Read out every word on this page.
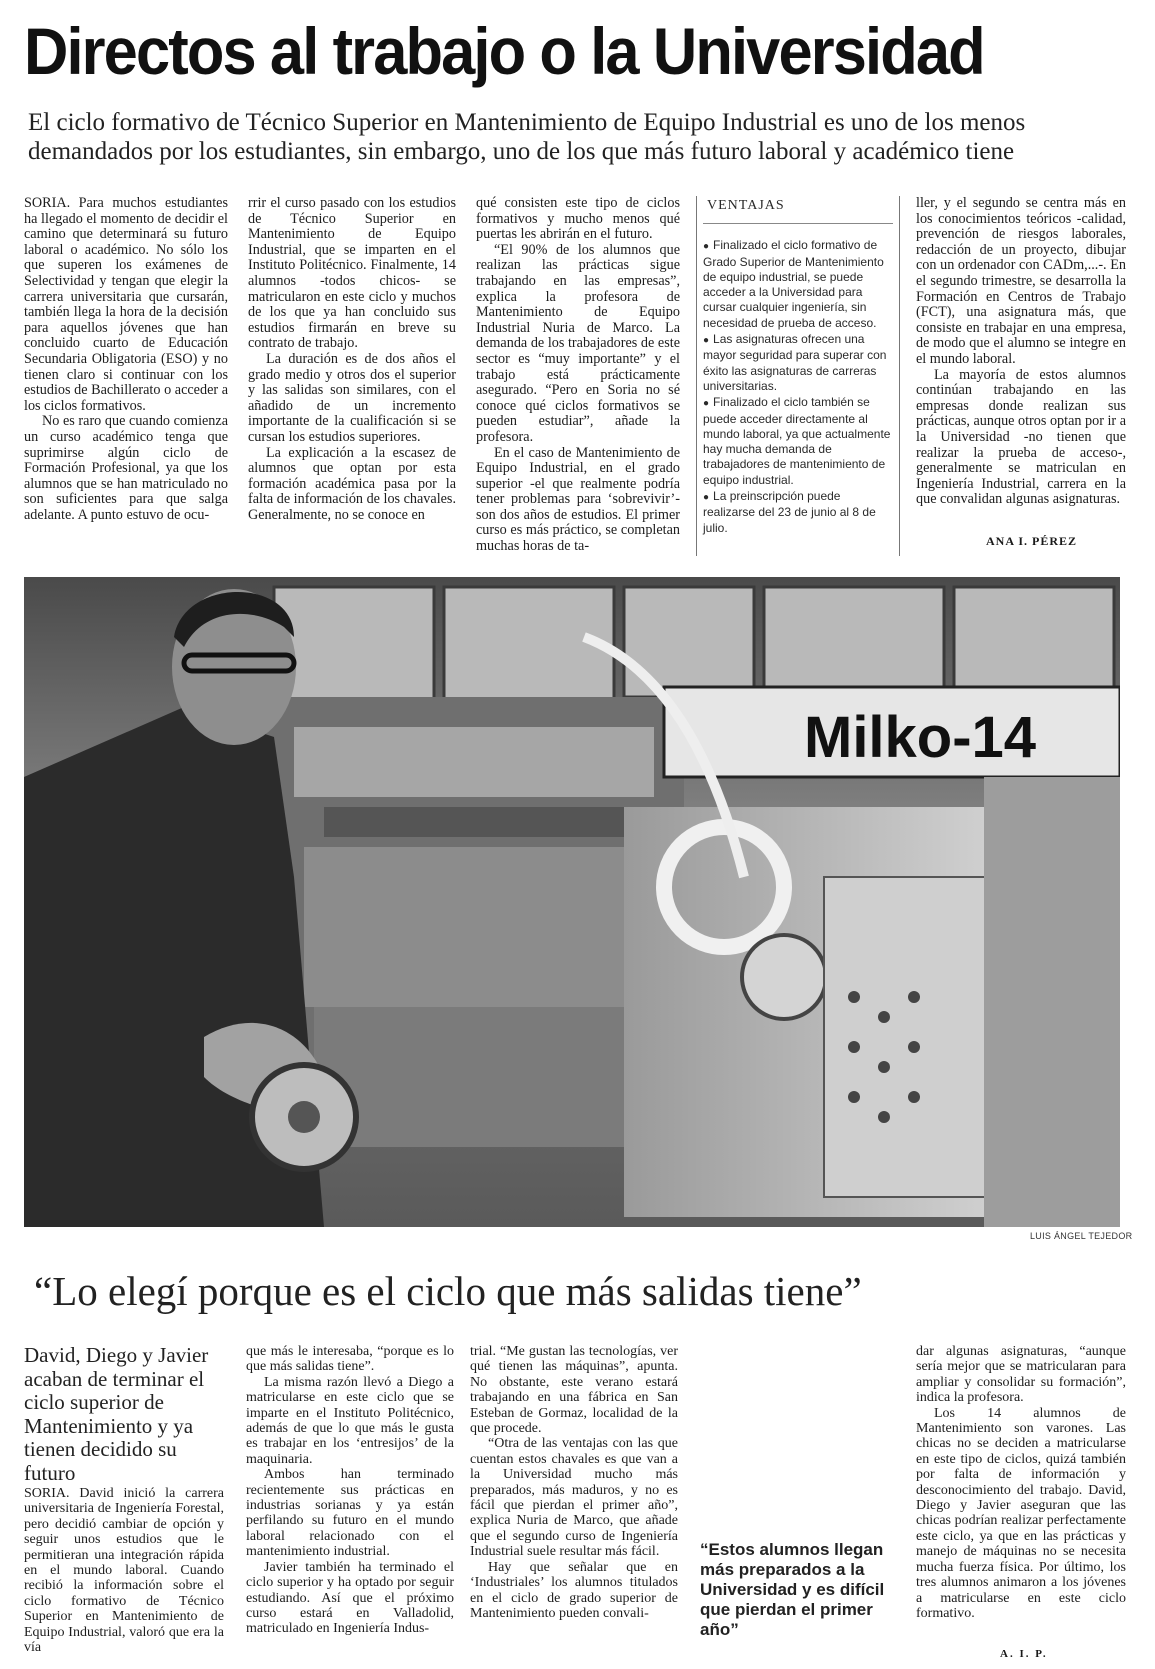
Directos al trabajo o la Universidad
El ciclo formativo de Técnico Superior en Mantenimiento de Equipo Industrial es uno de los menos demandados por los estudiantes, sin embargo, uno de los que más futuro laboral y académico tiene

SORIA. Para muchos estudiantes ha llegado el momento de decidir el camino que determinará su futuro laboral o académico. No sólo los que superen los exámenes de Selectividad y tengan que elegir la carrera universitaria que cursarán, también llega la hora de la decisión para aquellos jóvenes que han concluido cuarto de Educación Secundaria Obligatoria (ESO) y no tienen claro si continuar con los estudios de Bachillerato o acceder a los ciclos formativos.

No es raro que cuando comienza un curso académico tenga que suprimirse algún ciclo de Formación Profesional, ya que los alumnos que se han matriculado no son suficientes para que salga adelante. A punto estuvo de ocu-

rrir el curso pasado con los estudios de Técnico Superior en Mantenimiento de Equipo Industrial, que se imparten en el Instituto Politécnico. Finalmente, 14 alumnos -todos chicos- se matricularon en este ciclo y muchos de los que ya han concluido sus estudios firmarán en breve su contrato de trabajo.

La duración es de dos años el grado medio y otros dos el superior y las salidas son similares, con el añadido de un incremento importante de la cualificación si se cursan los estudios superiores.

La explicación a la escasez de alumnos que optan por esta formación académica pasa por la falta de información de los chavales. Generalmente, no se conoce en

qué consisten este tipo de ciclos formativos y mucho menos qué puertas les abrirán en el futuro.

“El 90% de los alumnos que realizan las prácticas sigue trabajando en las empresas”, explica la profesora de Mantenimiento de Equipo Industrial Nuria de Marco. La demanda de los trabajadores de este sector es “muy importante” y el trabajo está prácticamente asegurado. “Pero en Soria no sé conoce qué ciclos formativos se pueden estudiar”, añade la profesora.

En el caso de Mantenimiento de Equipo Industrial, en el grado superior -el que realmente podría tener problemas para ‘sobrevivir’- son dos años de estudios. El primer curso es más práctico, se completan muchas horas de ta-

VENTAJAS
● Finalizado el ciclo formativo de Grado Superior de Mantenimiento de equipo industrial, se puede acceder a la Universidad para cursar cualquier ingeniería, sin necesidad de prueba de acceso.
● Las asignaturas ofrecen una mayor seguridad para superar con éxito las asignaturas de carreras universitarias.
● Finalizado el ciclo también se puede acceder directamente al mundo laboral, ya que actualmente hay mucha demanda de trabajadores de mantenimiento de equipo industrial.
● La preinscripción puede realizarse del 23 de junio al 8 de julio.

ller, y el segundo se centra más en los conocimientos teóricos -calidad, prevención de riesgos laborales, redacción de un proyecto, dibujar con un ordenador con CADm,...-. En el segundo trimestre, se desarrolla la Formación en Centros de Trabajo (FCT), una asignatura más, que consiste en trabajar en una empresa, de modo que el alumno se integre en el mundo laboral.

La mayoría de estos alumnos continúan trabajando en las empresas donde realizan sus prácticas, aunque otros optan por ir a la Universidad -no tienen que realizar la prueba de acceso-, generalmente se matriculan en Ingeniería Industrial, carrera en la que convalidan algunas asignaturas.

ANA I. PÉREZ
Milko-14
LUIS ÁNGEL TEJEDOR
“Lo elegí porque es el ciclo que más salidas tiene”
David, Diego y Javier acaban de terminar el ciclo superior de Mantenimiento y ya tienen decidido su futuro

SORIA. David inició la carrera universitaria de Ingeniería Forestal, pero decidió cambiar de opción y seguir unos estudios que le permitieran una integración rápida en el mundo laboral. Cuando recibió la información sobre el ciclo formativo de Técnico Superior en Mantenimiento de Equipo Industrial, valoró que era la vía

que más le interesaba, “porque es lo que más salidas tiene”.

La misma razón llevó a Diego a matricularse en este ciclo que se imparte en el Instituto Politécnico, además de que lo que más le gusta es trabajar en los ‘entresijos’ de la maquinaria.

Ambos han terminado recientemente sus prácticas en industrias sorianas y ya están perfilando su futuro en el mundo laboral relacionado con el mantenimiento industrial.

Javier también ha terminado el ciclo superior y ha optado por seguir estudiando. Así que el próximo curso estará en Valladolid, matriculado en Ingeniería Indus-

trial. “Me gustan las tecnologías, ver qué tienen las máquinas”, apunta. No obstante, este verano estará trabajando en una fábrica en San Esteban de Gormaz, localidad de la que procede.

“Otra de las ventajas con las que cuentan estos chavales es que van a la Universidad mucho más preparados, más maduros, y no es fácil que pierdan el primer año”, explica Nuria de Marco, que añade que el segundo curso de Ingeniería Industrial suele resultar más fácil.

Hay que señalar que en ‘Industriales’ los alumnos titulados en el ciclo de grado superior de Mantenimiento pueden convali-

“Estos alumnos llegan más preparados a la Universidad y es difícil que pierdan el primer año”

dar algunas asignaturas, “aunque sería mejor que se matricularan para ampliar y consolidar su formación”, indica la profesora.

Los 14 alumnos de Mantenimiento son varones. Las chicas no se deciden a matricularse en este tipo de ciclos, quizá también por falta de información y desconocimiento del trabajo. David, Diego y Javier aseguran que las chicas podrían realizar perfectamente este ciclo, ya que en las prácticas y manejo de máquinas no se necesita mucha fuerza física. Por último, los tres alumnos animaron a los jóvenes a matricularse en este ciclo formativo.

A. I. P.
